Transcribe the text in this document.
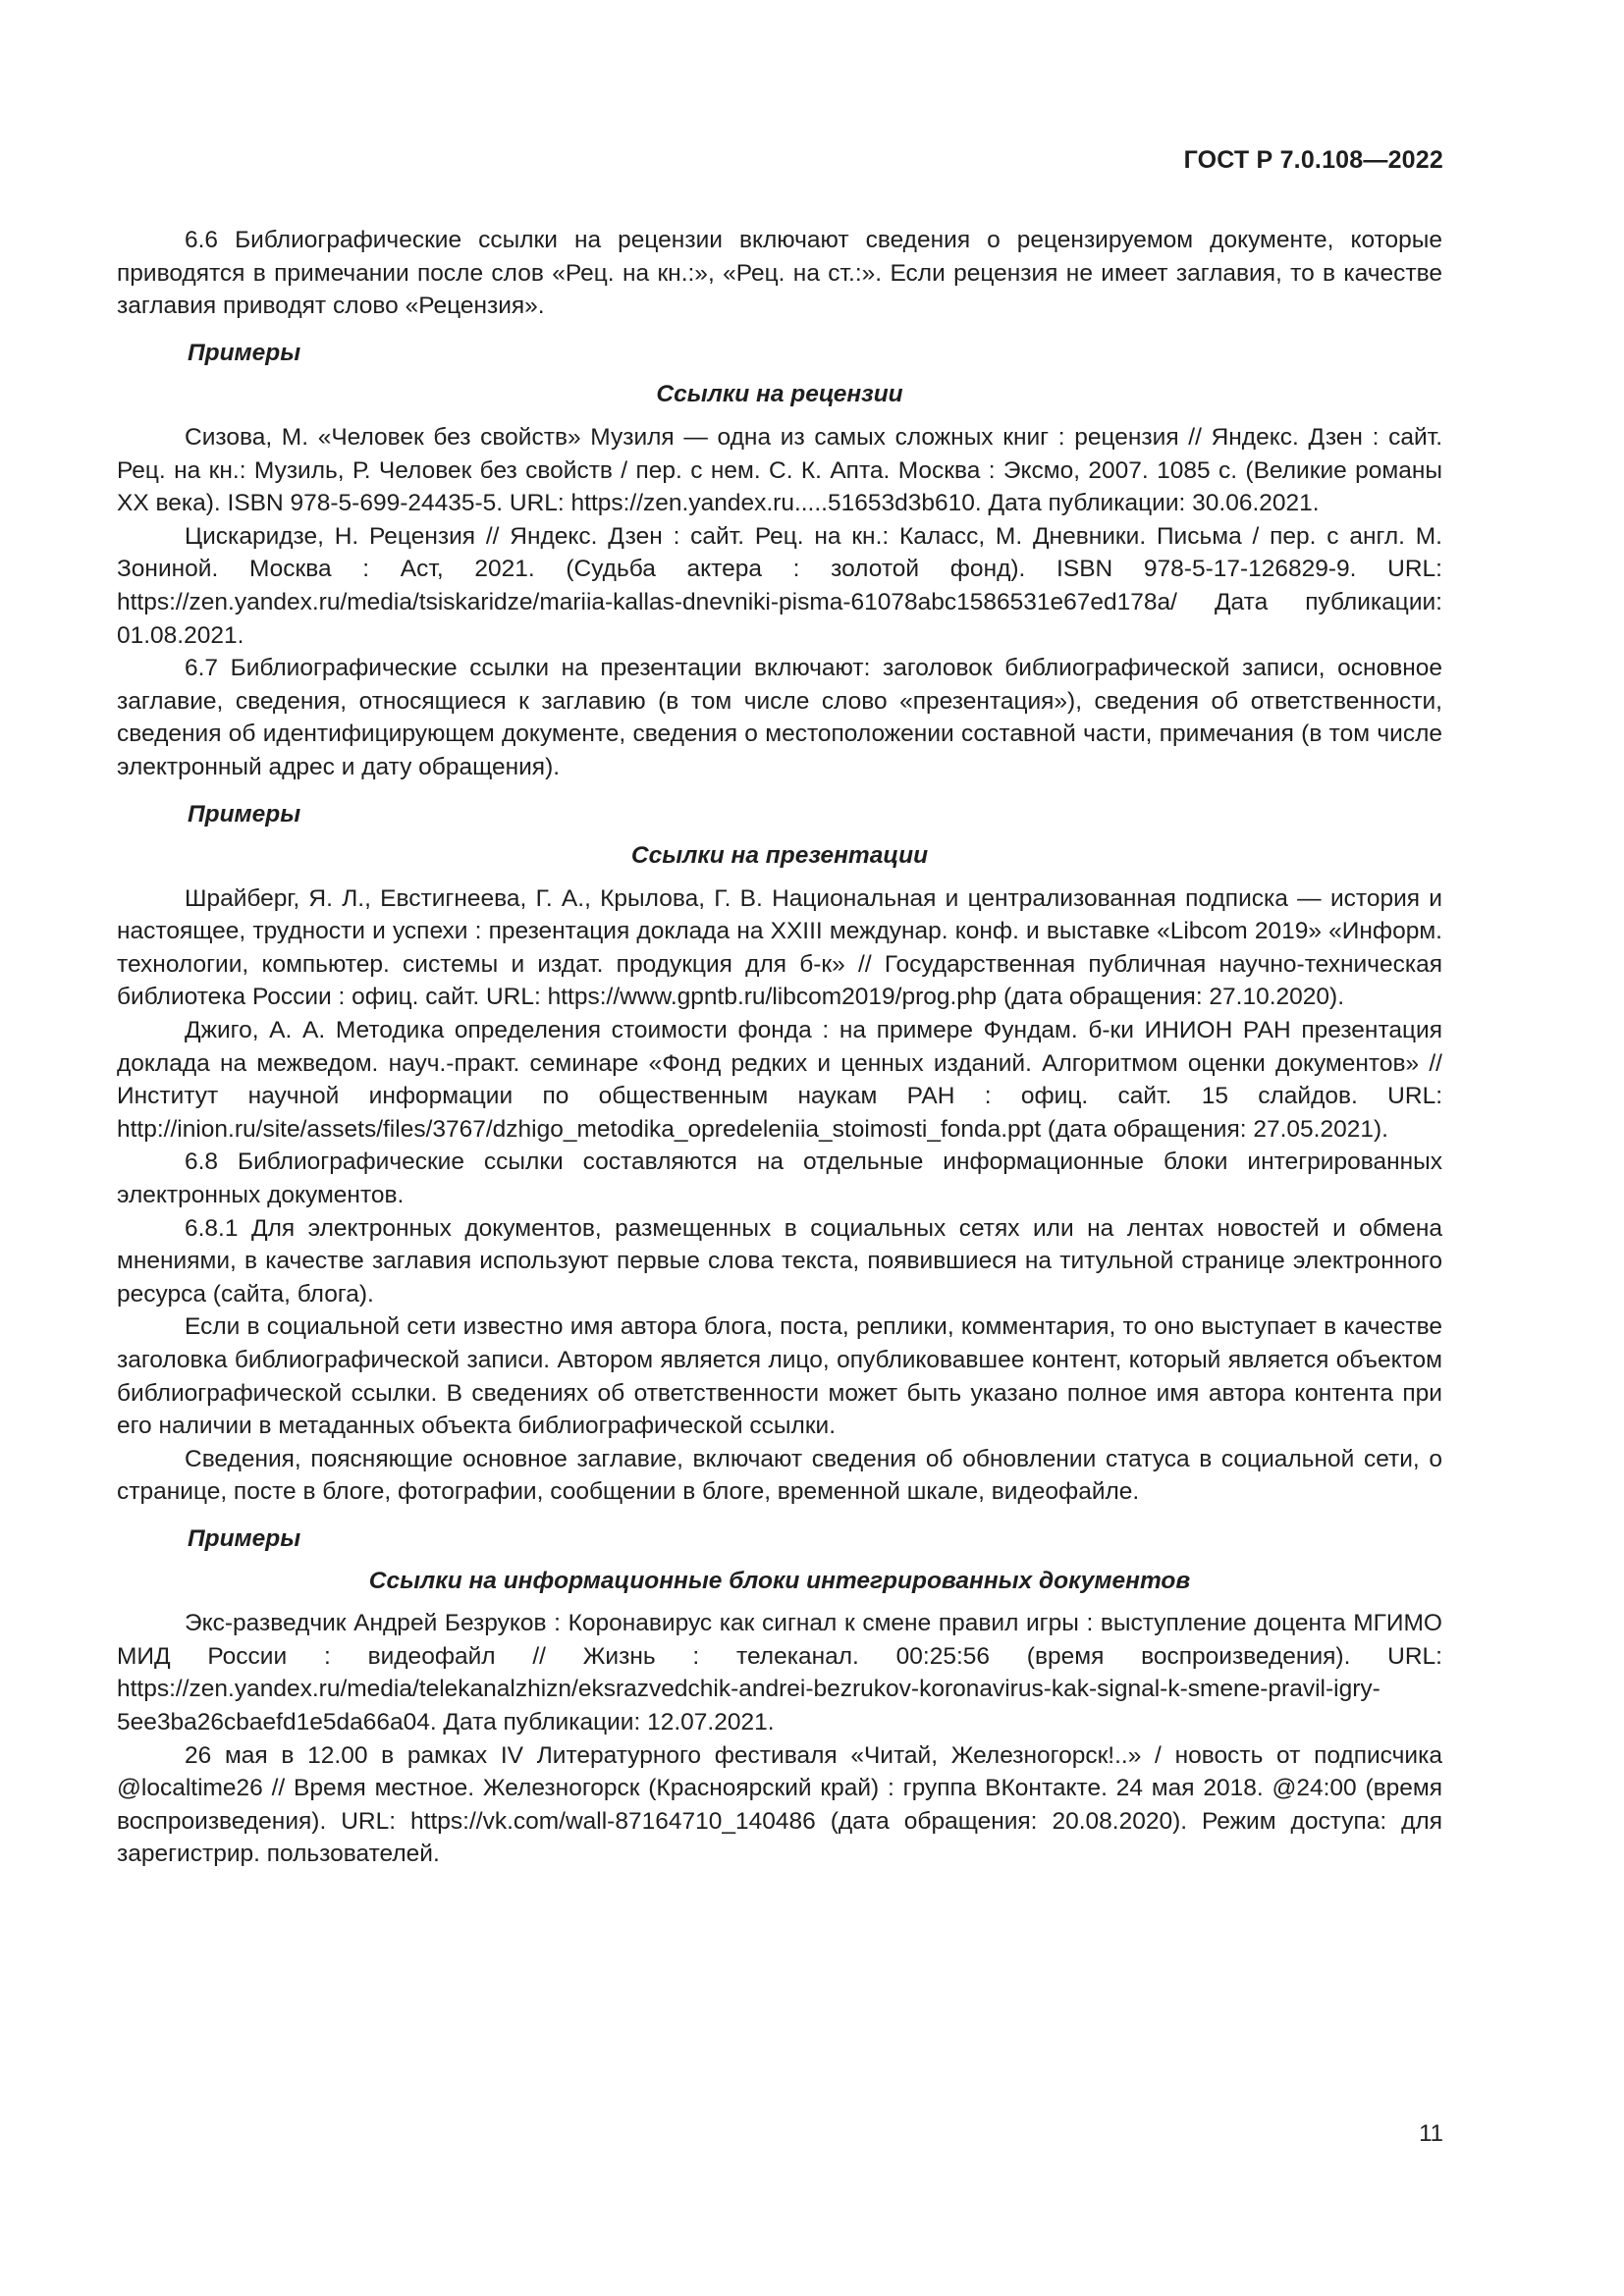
ГОСТ Р 7.0.108—2022

6.6 Библиографические ссылки на рецензии включают сведения о рецензируемом документе, которые приводятся в примечании после слов «Рец. на кн.:», «Рец. на ст.:». Если рецензия не имеет заглавия, то в качестве заглавия приводят слово «Рецензия».

Примеры

Ссылки на рецензии

Сизова, М. «Человек без свойств» Музиля — одна из самых сложных книг : рецензия // Яндекс. Дзен : сайт. Рец. на кн.: Музиль, Р. Человек без свойств / пер. с нем. С. К. Апта. Москва : Эксмо, 2007. 1085 с. (Великие романы XX века). ISBN 978-5-699-24435-5. URL: https://zen.yandex.ru.....51653d3b610. Дата публикации: 30.06.2021.

Цискаридзе, Н. Рецензия // Яндекс. Дзен : сайт. Рец. на кн.: Каласс, М. Дневники. Письма / пер. с англ. М. Зониной. Москва : Аст, 2021. (Судьба актера : золотой фонд). ISBN 978-5-17-126829-9. URL: https://zen.yandex.ru/media/tsiskaridze/mariia-kallas-dnevniki-pisma-61078abc1586531e67ed178a/ Дата публикации: 01.08.2021.

6.7 Библиографические ссылки на презентации включают: заголовок библиографической записи, основное заглавие, сведения, относящиеся к заглавию (в том числе слово «презентация»), сведения об ответственности, сведения об идентифицирующем документе, сведения о местоположении составной части, примечания (в том числе электронный адрес и дату обращения).

Примеры

Ссылки на презентации

Шрайберг, Я. Л., Евстигнеева, Г. А., Крылова, Г. В. Национальная и централизованная подписка — история и настоящее, трудности и успехи : презентация доклада на XXIII междунар. конф. и выставке «Libcom 2019» «Информ. технологии, компьютер. системы и издат. продукция для б-к» // Государственная публичная научно-техническая библиотека России : офиц. сайт. URL: https://www.gpntb.ru/libcom2019/prog.php (дата обращения: 27.10.2020).

Джиго, А. А. Методика определения стоимости фонда : на примере Фундам. б-ки ИНИОН РАН презентация доклада на межведом. науч.-практ. семинаре «Фонд редких и ценных изданий. Алгоритмом оценки документов» // Институт научной информации по общественным наукам РАН : офиц. сайт. 15 слайдов. URL: http://inion.ru/site/assets/files/3767/dzhigo_metodika_opredeleniia_stoimosti_fonda.ppt (дата обращения: 27.05.2021).

6.8 Библиографические ссылки составляются на отдельные информационные блоки интегрированных электронных документов.

6.8.1 Для электронных документов, размещенных в социальных сетях или на лентах новостей и обмена мнениями, в качестве заглавия используют первые слова текста, появившиеся на титульной странице электронного ресурса (сайта, блога).

Если в социальной сети известно имя автора блога, поста, реплики, комментария, то оно выступает в качестве заголовка библиографической записи. Автором является лицо, опубликовавшее контент, который является объектом библиографической ссылки. В сведениях об ответственности может быть указано полное имя автора контента при его наличии в метаданных объекта библиографической ссылки.

Сведения, поясняющие основное заглавие, включают сведения об обновлении статуса в социальной сети, о странице, посте в блоге, фотографии, сообщении в блоге, временной шкале, видеофайле.

Примеры

Ссылки на информационные блоки интегрированных документов

Экс-разведчик Андрей Безруков : Коронавирус как сигнал к смене правил игры : выступление доцента МГИМО МИД России : видеофайл // Жизнь : телеканал. 00:25:56 (время воспроизведения). URL: https://zen.yandex.ru/media/telekanalzhizn/eksrazvedchik-andrei-bezrukov-koronavirus-kak-signal-k-smene-pravil-igry-5ee3ba26cbaefd1e5da66a04. Дата публикации: 12.07.2021.

26 мая в 12.00 в рамках IV Литературного фестиваля «Читай, Железногорск!..» / новость от подписчика @localtime26 // Время местное. Железногорск (Красноярский край) : группа ВКонтакте. 24 мая 2018. @24:00 (время воспроизведения). URL: https://vk.com/wall-87164710_140486 (дата обращения: 20.08.2020). Режим доступа: для зарегистрир. пользователей.

11
